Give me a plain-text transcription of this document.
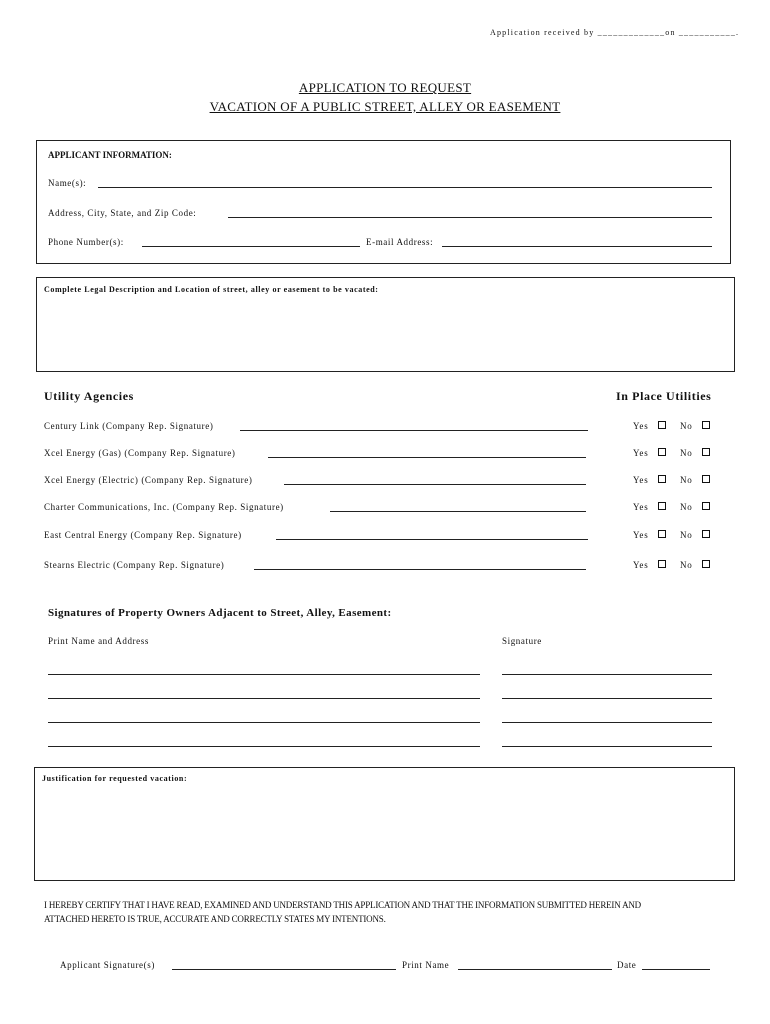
Application received by _____________on ___________.
APPLICATION TO REQUEST
VACATION OF A PUBLIC STREET, ALLEY OR EASEMENT
APPLICANT INFORMATION:
Name(s):
Address, City, State, and Zip Code:
Phone Number(s):	E-mail Address:
Complete Legal Description and Location of street, alley or easement to be vacated:
Utility Agencies	In Place Utilities
Century Link (Company Rep. Signature)	Yes	No
Xcel Energy (Gas) (Company Rep. Signature)	Yes	No
Xcel Energy (Electric) (Company Rep. Signature)	Yes	No
Charter Communications, Inc. (Company Rep. Signature)	Yes	No
East Central Energy (Company Rep. Signature)	Yes	No
Stearns Electric (Company Rep. Signature)	Yes	No
Signatures of Property Owners Adjacent to Street, Alley, Easement:
Print Name and Address	Signature
Justification for requested vacation:
I HEREBY CERTIFY THAT I HAVE READ, EXAMINED AND UNDERSTAND THIS APPLICATION AND THAT THE INFORMATION SUBMITTED HEREIN AND
ATTACHED HERETO IS TRUE, ACCURATE AND CORRECTLY STATES MY INTENTIONS.
Applicant Signature(s)	Print Name	Date
